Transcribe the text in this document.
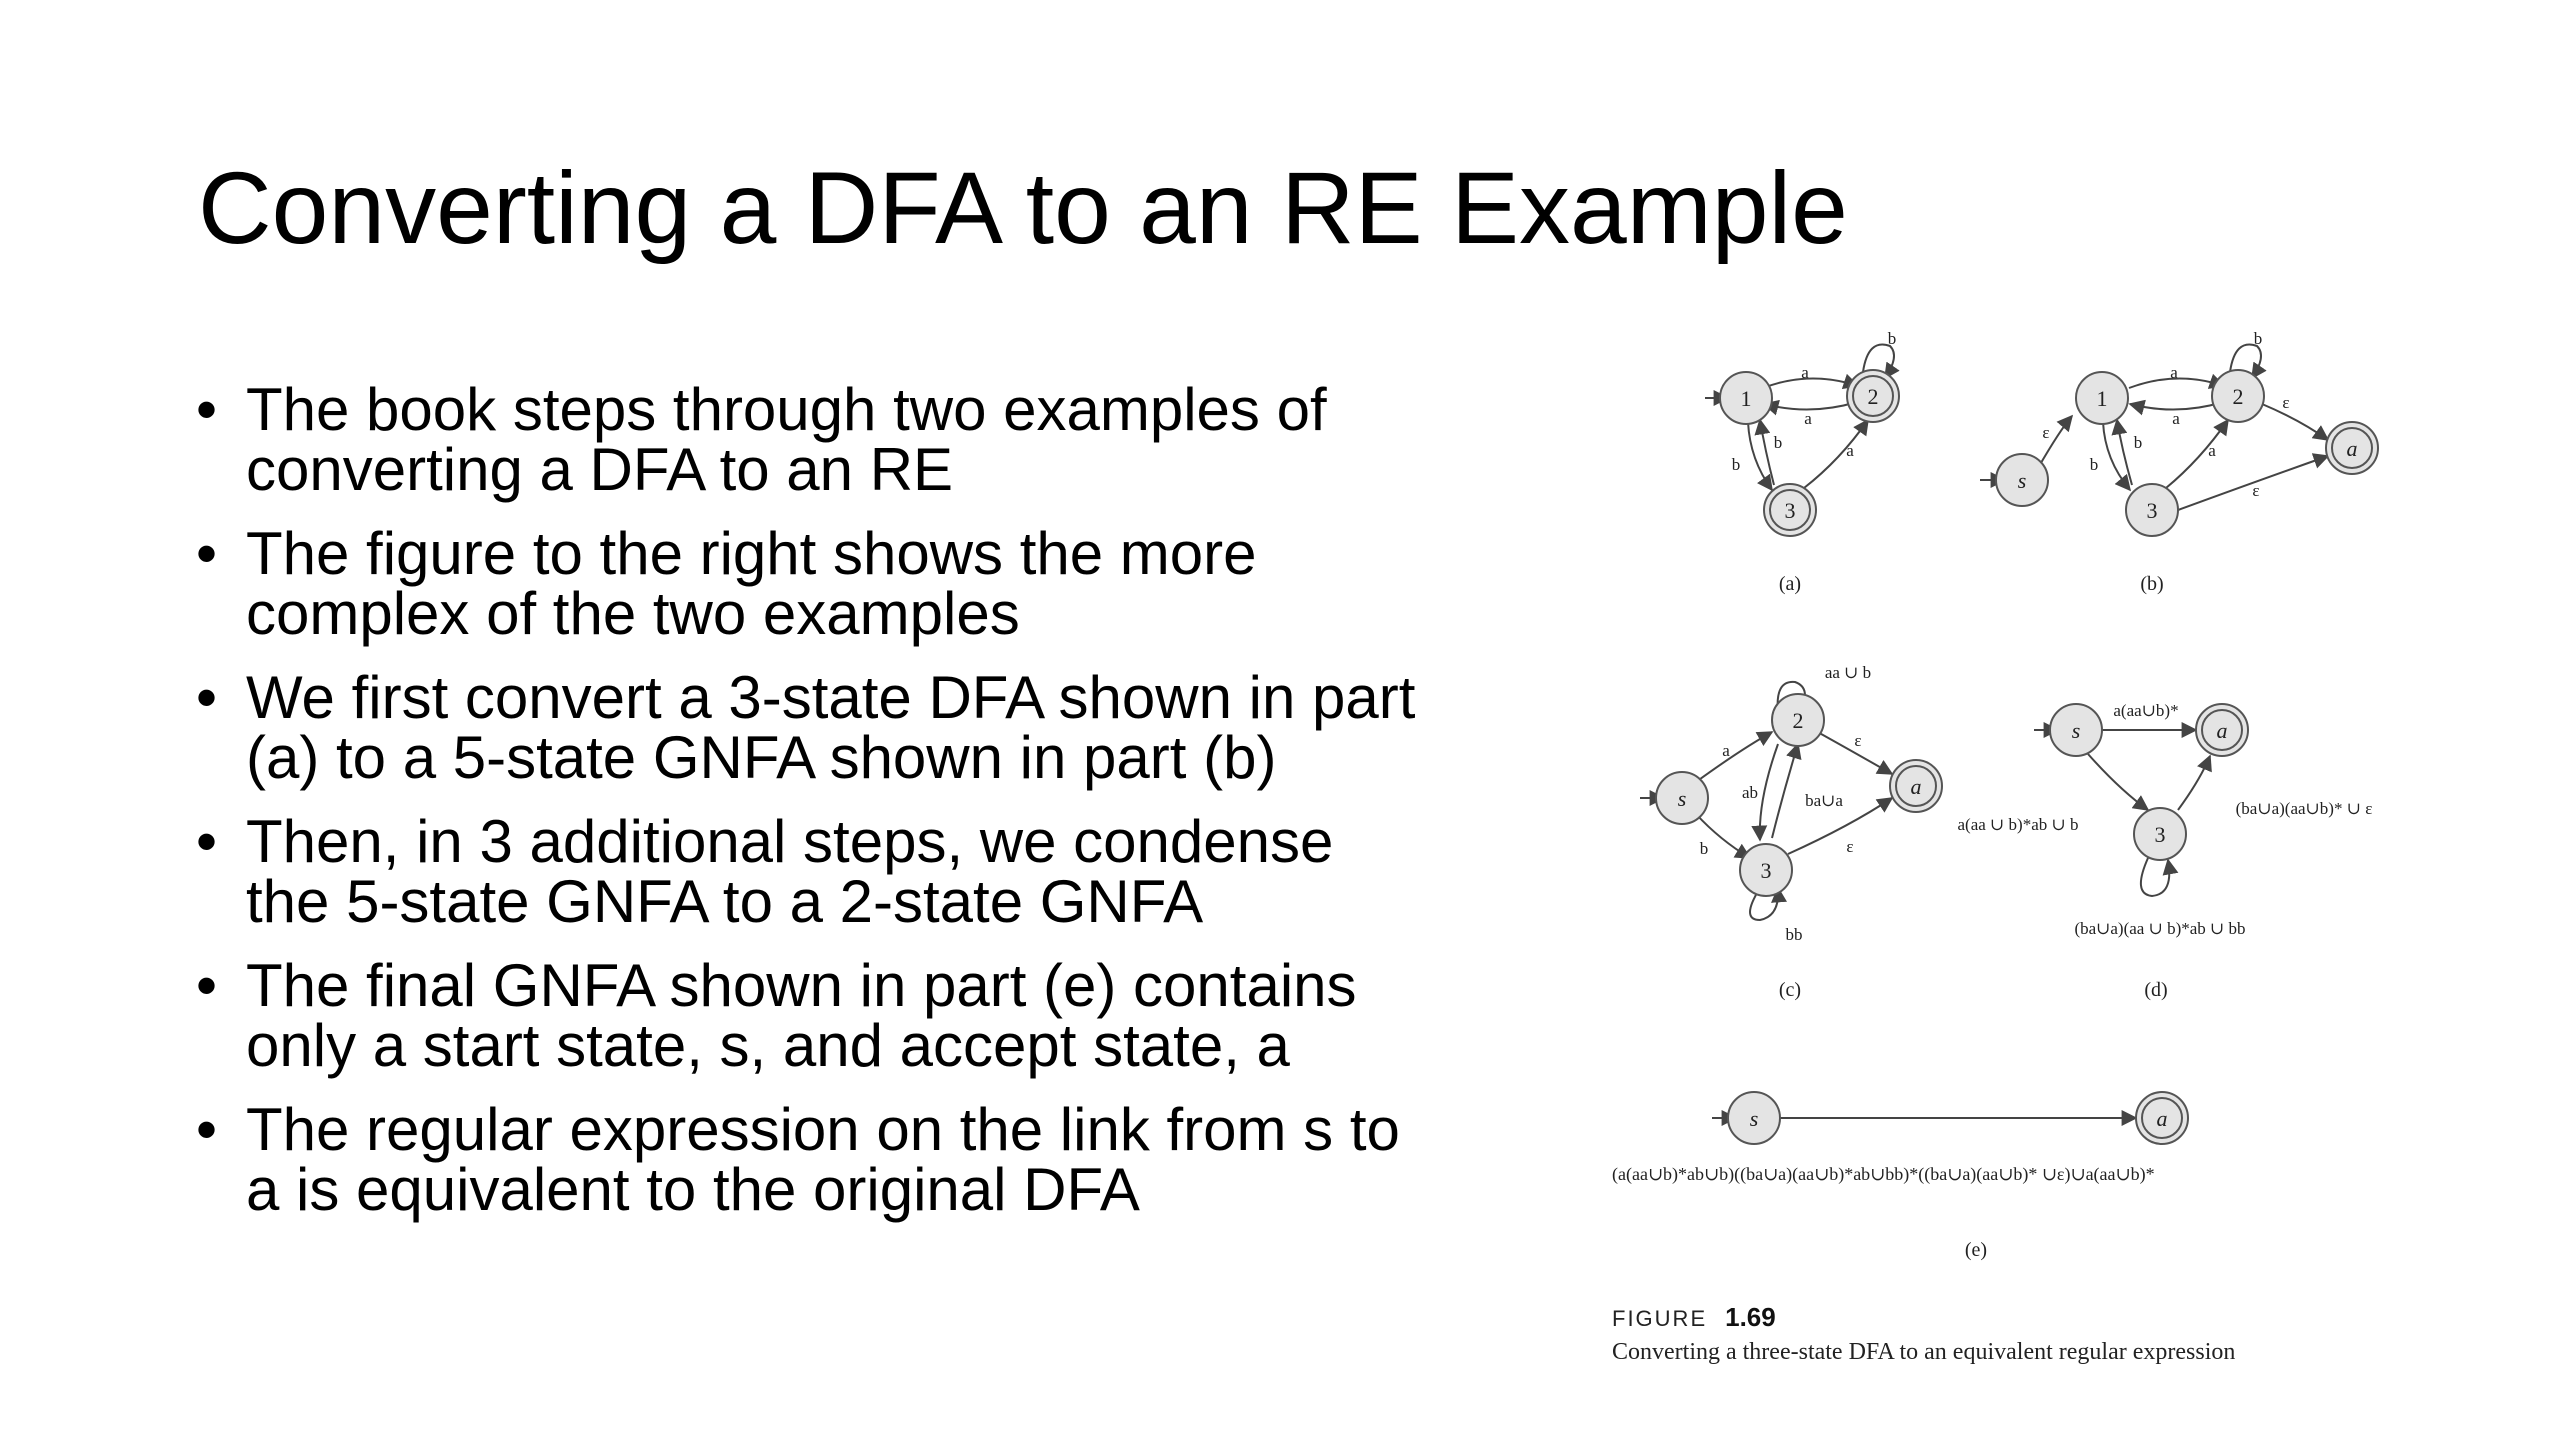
Converting a DFA to an RE Example
• The book steps through two examples of
converting a DFA to an RE
• The figure to the right shows the more
complex of the two examples
• We first convert a 3-state DFA shown in part
(a) to a 5-state GNFA shown in part (b)
• Then, in 3 additional steps, we condense
the 5-state GNFA to a 2-state GNFA
• The final GNFA shown in part (e) contains
only a start state, s, and accept state, a
• The regular expression on the link from s to
a is equivalent to the original DFA
1	2
3
a
a
b
b
b	a
(a)
s
1	2
3
a
ε
a
a
b
b
b	a
ε
ε
(b)
s
2
3
a
aa ∪ b
a
ab	ba∪a
b
ε
ε
bb
(c)
s
3
a
a(aa∪b)*
a(aa ∪ b)*ab ∪ b
(ba∪a)(aa∪b)* ∪ ε
(ba∪a)(aa ∪ b)*ab ∪ bb
(d)
s	a
(a(aa∪b)*ab∪b)((ba∪a)(aa∪b)*ab∪bb)*((ba∪a)(aa∪b)* ∪ε)∪a(aa∪b)*
(e)
FIGURE 1.69
Converting a three-state DFA to an equivalent regular expression
